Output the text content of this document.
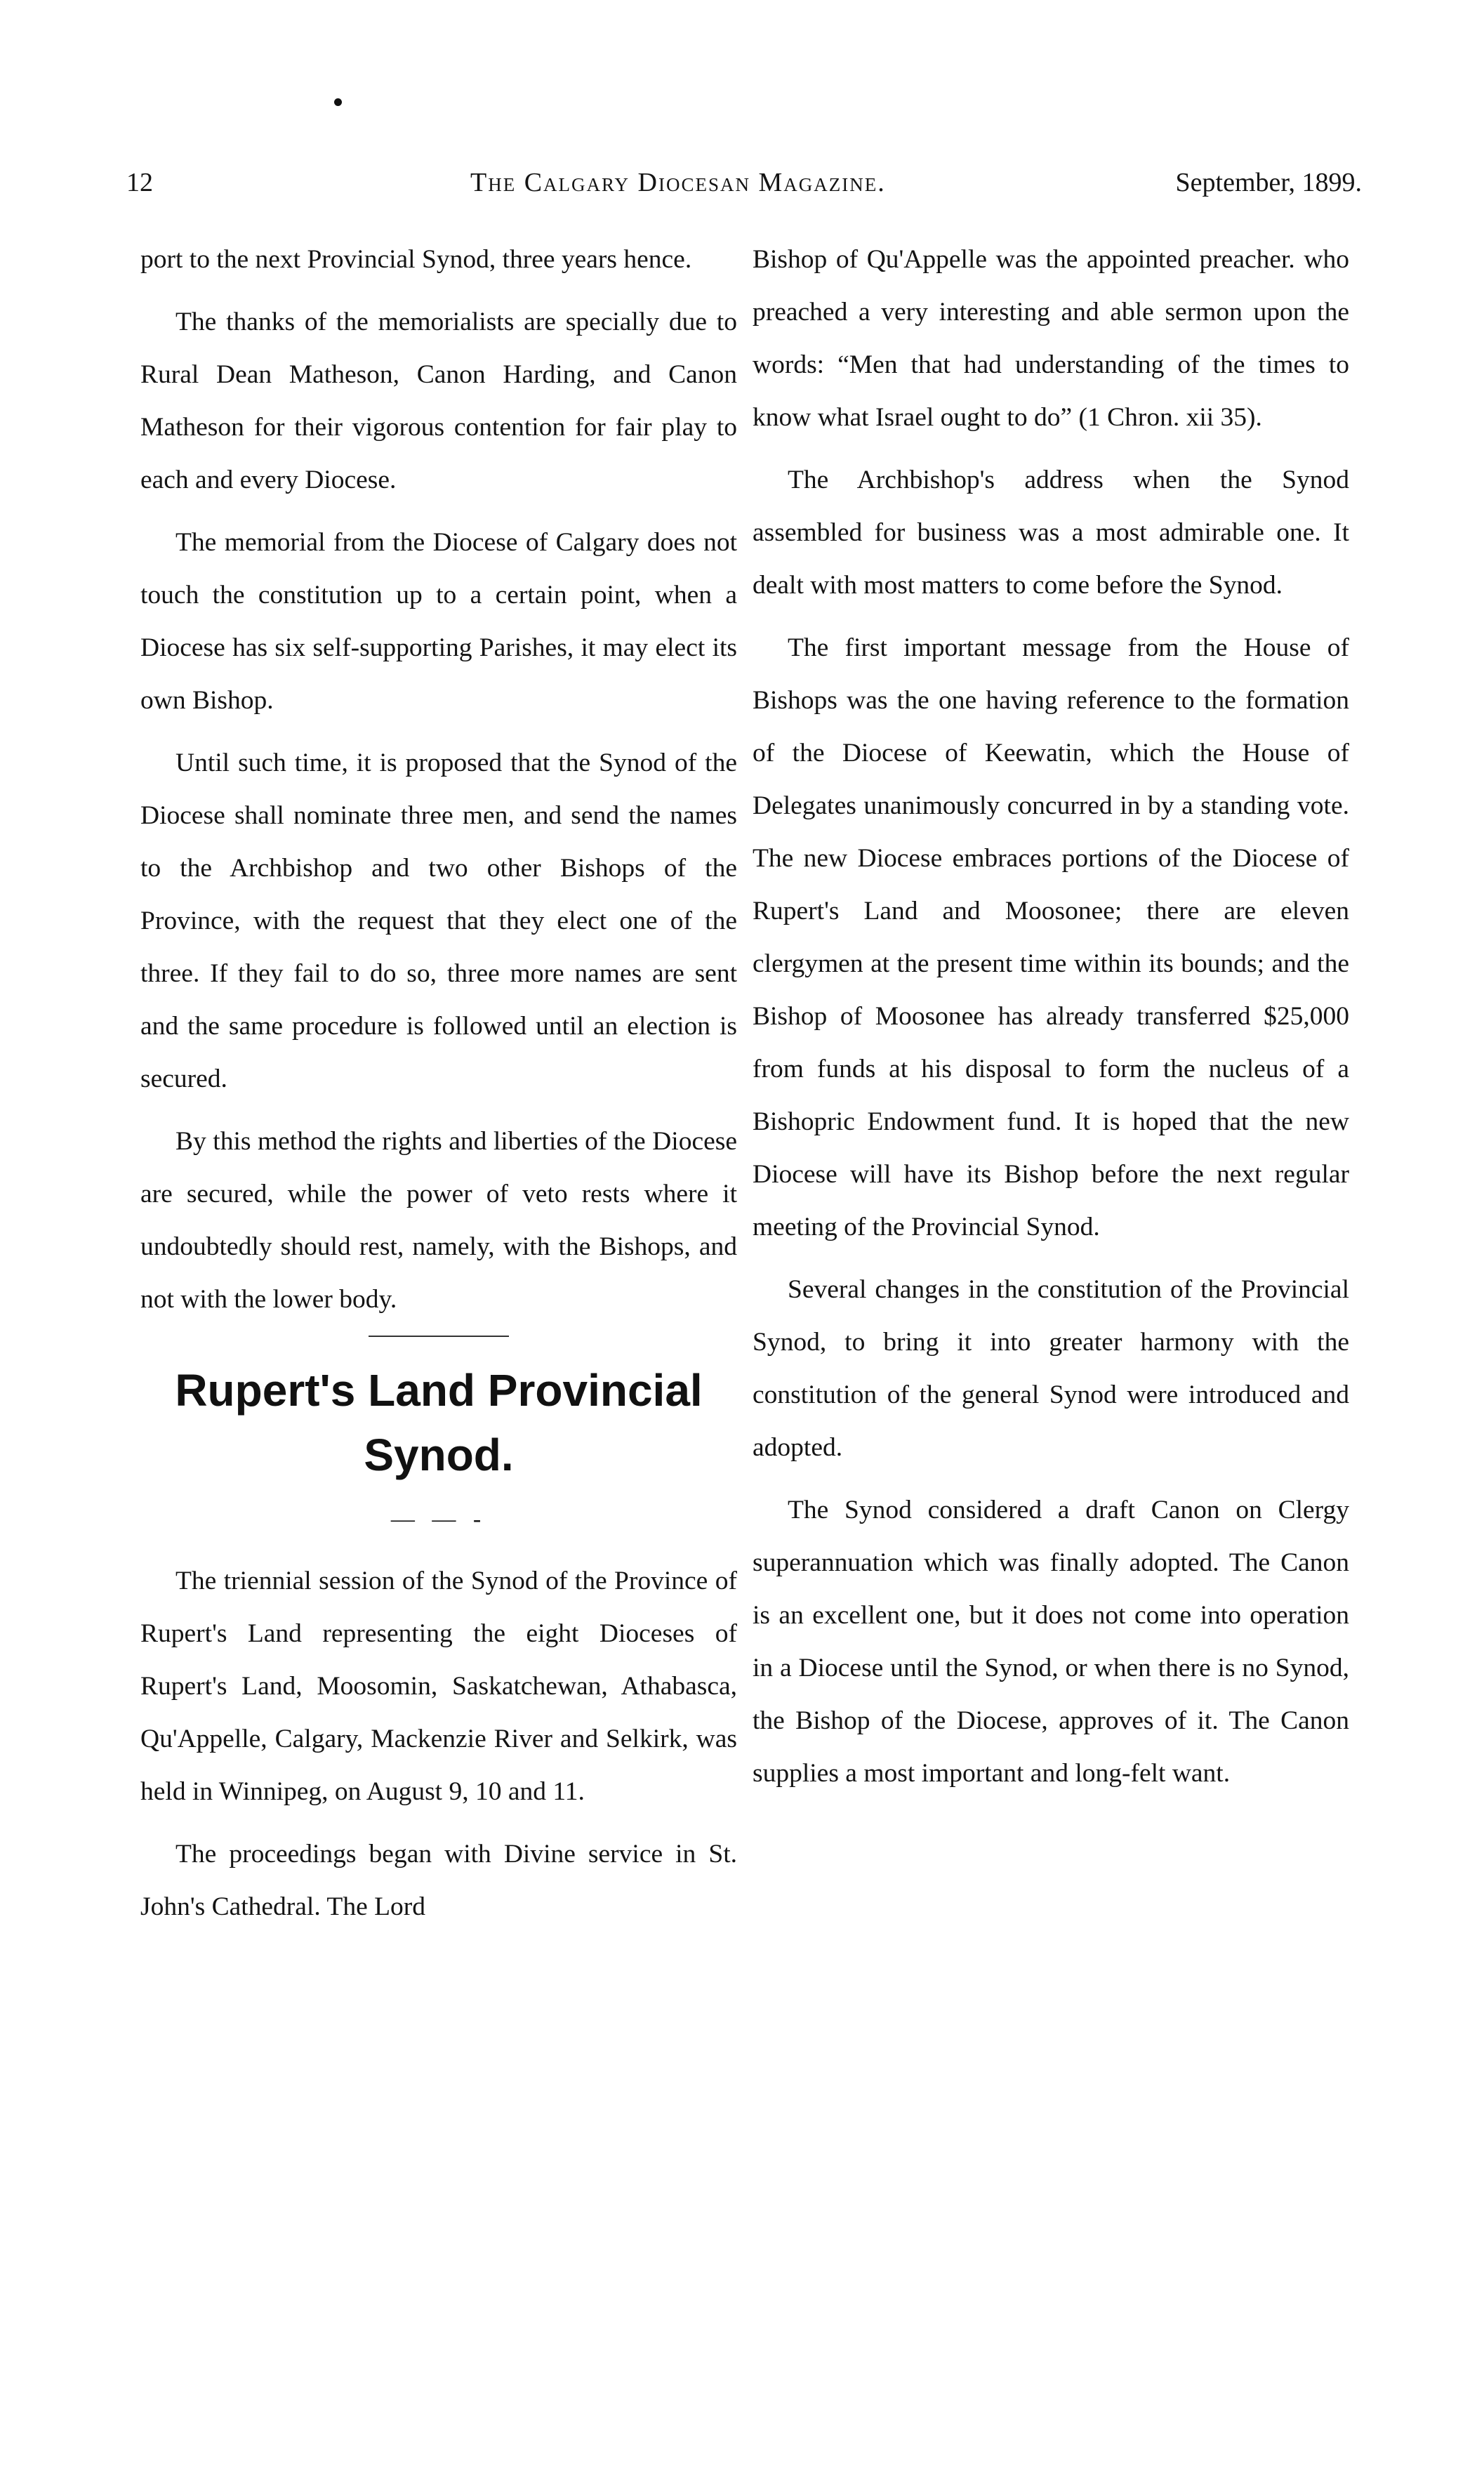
12	The Calgary Diocesan Magazine.	September, 1899.

port to the next Provincial Synod, three years hence.

The thanks of the memorialists are specially due to Rural Dean Matheson, Canon Harding, and Canon Matheson for their vigorous contention for fair play to each and every Diocese.

The memorial from the Diocese of Calgary does not touch the constitution up to a certain point, when a Diocese has six self-supporting Parishes, it may elect its own Bishop.

Until such time, it is proposed that the Synod of the Diocese shall nominate three men, and send the names to the Archbishop and two other Bishops of the Province, with the request that they elect one of the three. If they fail to do so, three more names are sent and the same procedure is followed until an election is secured.

By this method the rights and liberties of the Diocese are secured, while the power of veto rests where it undoubtedly should rest, namely, with the Bishops, and not with the lower body.

Rupert's Land Provincial Synod.
— — -

The triennial session of the Synod of the Province of Rupert's Land representing the eight Dioceses of Rupert's Land, Moosomin, Saskatchewan, Athabasca, Qu'Appelle, Calgary, Mackenzie River and Selkirk, was held in Winnipeg, on August 9, 10 and 11.

The proceedings began with Divine service in St. John's Cathedral. The Lord

Bishop of Qu'Appelle was the appointed preacher. who preached a very interesting and able sermon upon the words: “Men that had understanding of the times to know what Israel ought to do” (1 Chron. xii 35).

The Archbishop's address when the Synod assembled for business was a most admirable one. It dealt with most matters to come before the Synod.

The first important message from the House of Bishops was the one having reference to the formation of the Diocese of Keewatin, which the House of Delegates unanimously concurred in by a standing vote. The new Diocese embraces portions of the Diocese of Rupert's Land and Moosonee; there are eleven clergymen at the present time within its bounds; and the Bishop of Moosonee has already transferred $25,000 from funds at his disposal to form the nucleus of a Bishopric Endowment fund. It is hoped that the new Diocese will have its Bishop before the next regular meeting of the Provincial Synod.

Several changes in the constitution of the Provincial Synod, to bring it into greater harmony with the constitution of the general Synod were introduced and adopted.

The Synod considered a draft Canon on Clergy superannuation which was finally adopted. The Canon is an excellent one, but it does not come into operation in a Diocese until the Synod, or when there is no Synod, the Bishop of the Diocese, approves of it. The Canon supplies a most important and long-felt want.
